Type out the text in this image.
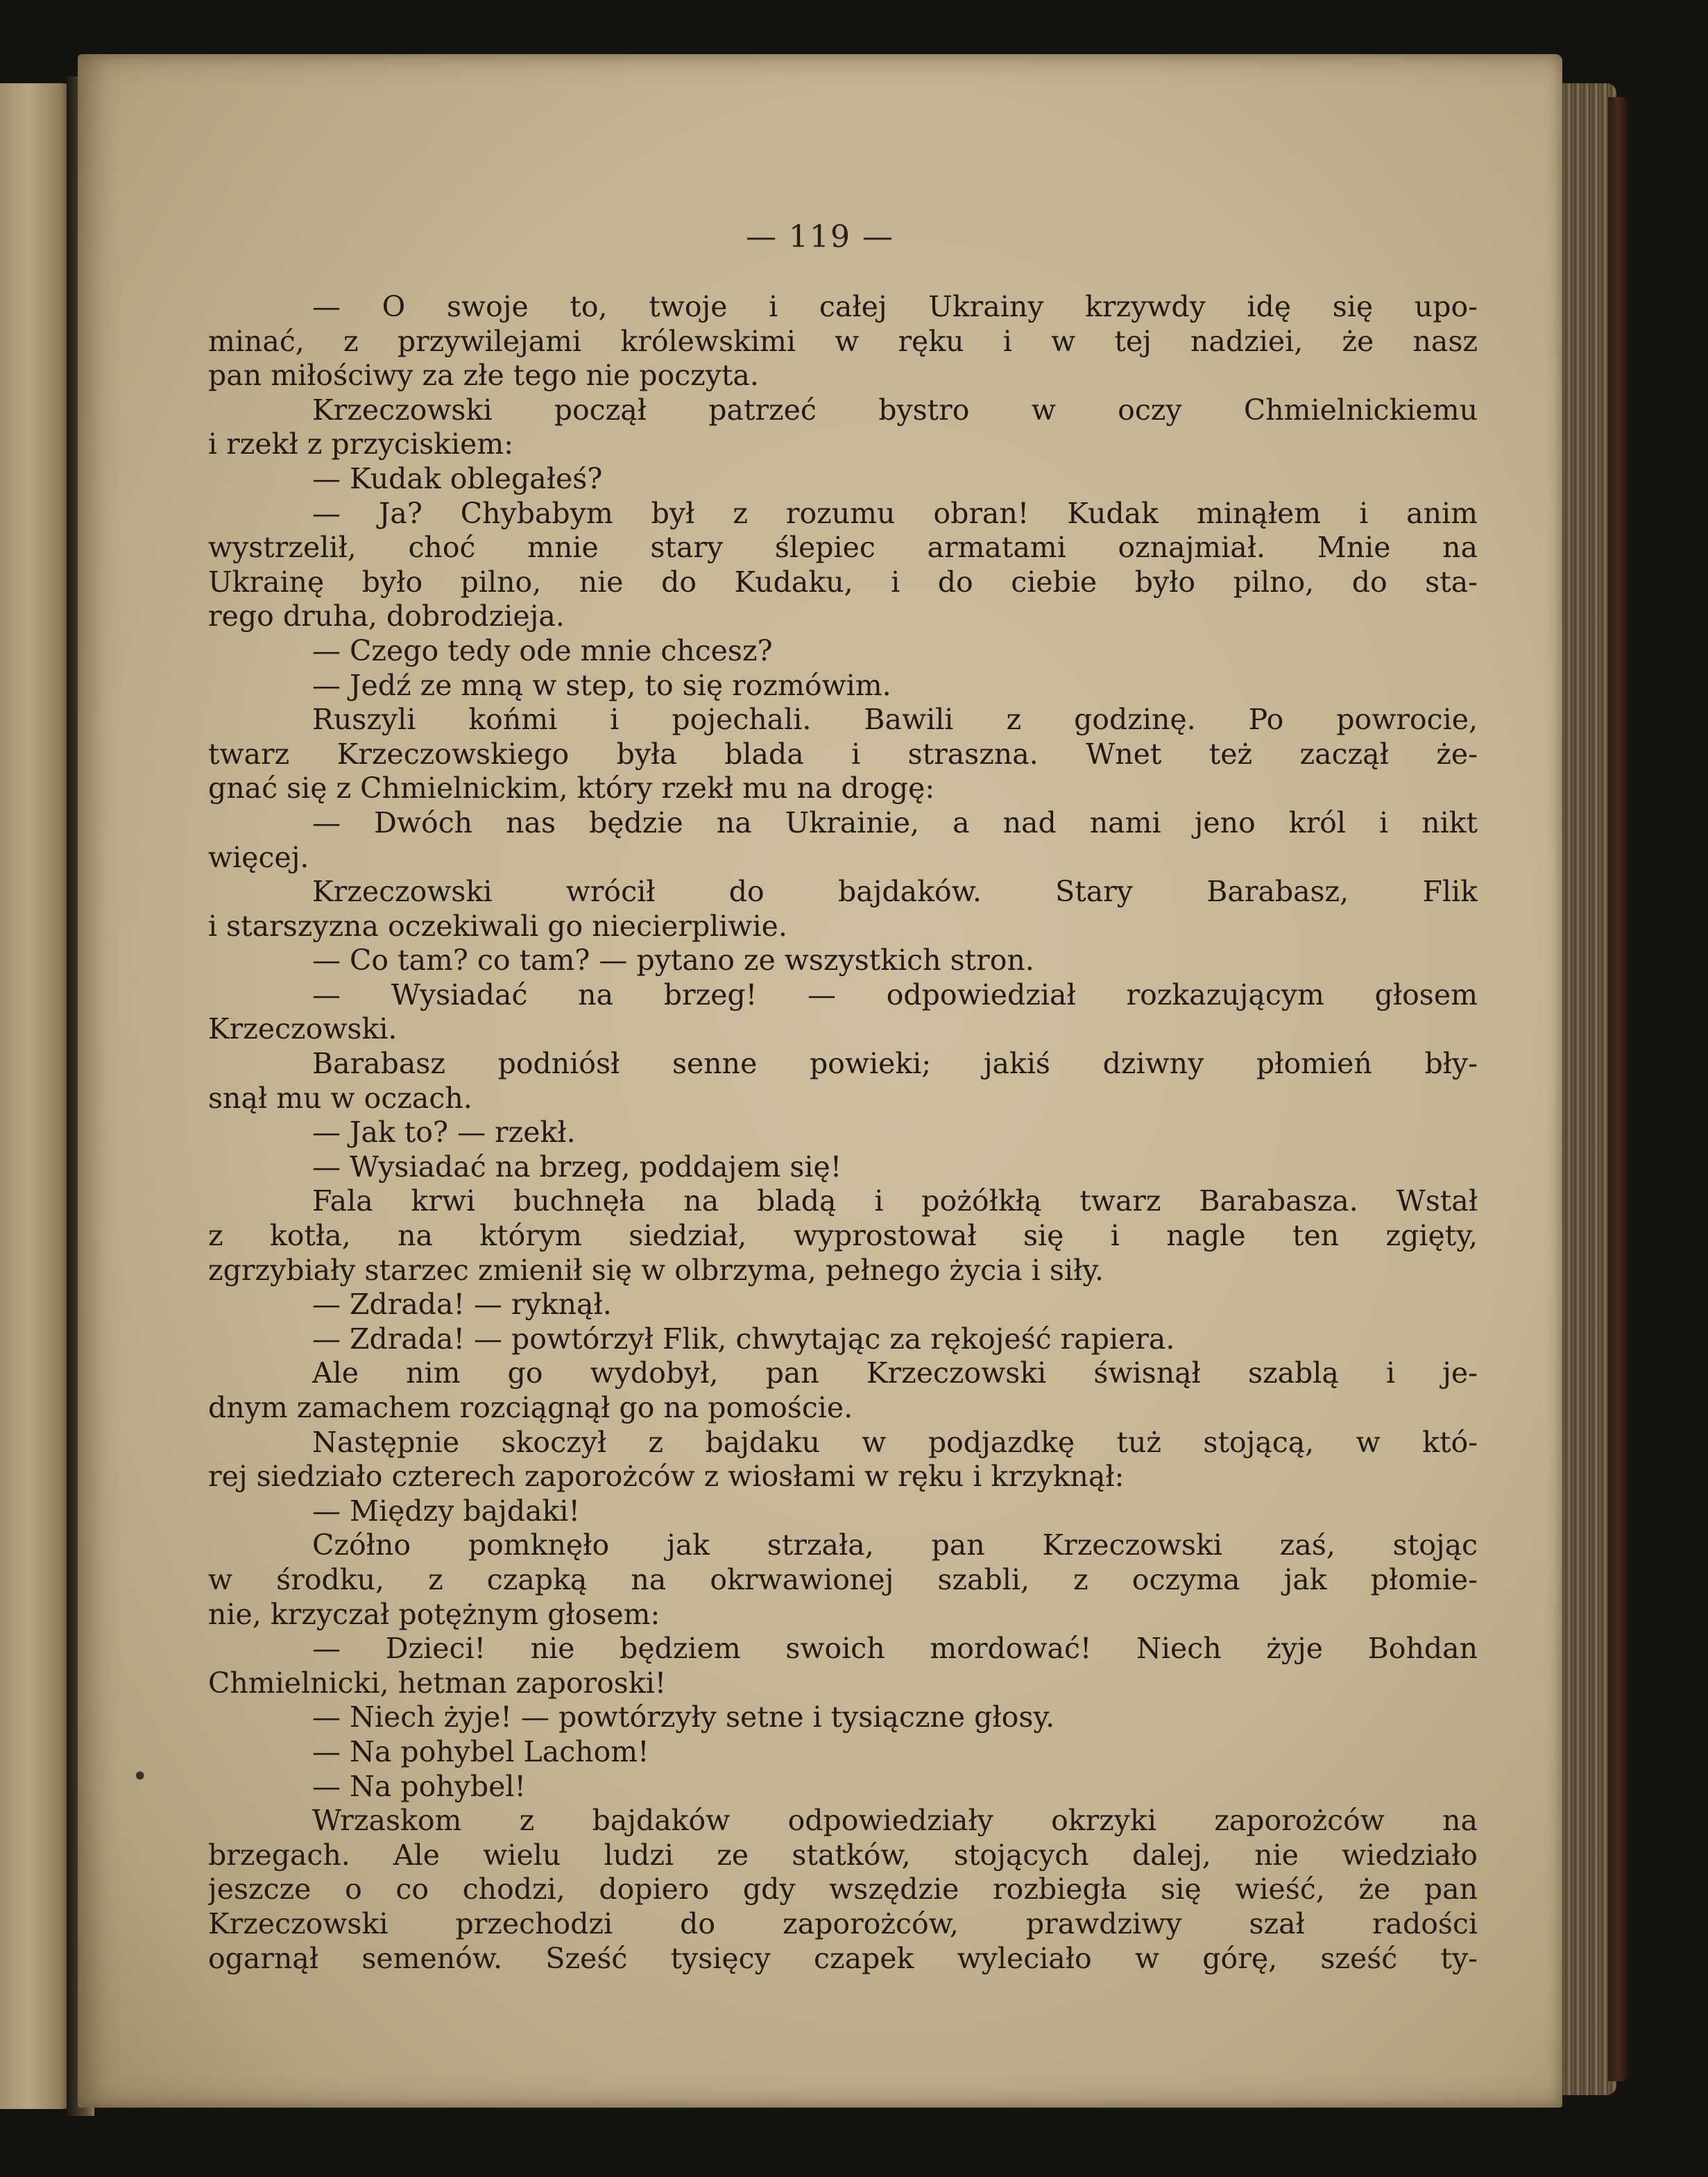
— 119 —
— O swoje to, twoje i całej Ukrainy krzywdy idę się upo-
minać, z przywilejami królewskimi w ręku i w tej nadziei, że nasz
pan miłościwy za złe tego nie poczyta.
Krzeczowski począł patrzeć bystro w oczy Chmielnickiemu
i rzekł z przyciskiem:
— Kudak oblegałeś?
— Ja? Chybabym był z rozumu obran! Kudak minąłem i anim
wystrzelił, choć mnie stary ślepiec armatami oznajmiał. Mnie na
Ukrainę było pilno, nie do Kudaku, i do ciebie było pilno, do sta-
rego druha, dobrodzieja.
— Czego tedy ode mnie chcesz?
— Jedź ze mną w step, to się rozmówim.
Ruszyli końmi i pojechali. Bawili z godzinę. Po powrocie,
twarz Krzeczowskiego była blada i straszna. Wnet też zaczął że-
gnać się z Chmielnickim, który rzekł mu na drogę:
— Dwóch nas będzie na Ukrainie, a nad nami jeno król i nikt
więcej.
Krzeczowski wrócił do bajdaków. Stary Barabasz, Flik
i starszyzna oczekiwali go niecierpliwie.
— Co tam? co tam? — pytano ze wszystkich stron.
— Wysiadać na brzeg! — odpowiedział rozkazującym głosem
Krzeczowski.
Barabasz podniósł senne powieki; jakiś dziwny płomień bły-
snął mu w oczach.
— Jak to? — rzekł.
— Wysiadać na brzeg, poddajem się!
Fala krwi buchnęła na bladą i pożółkłą twarz Barabasza. Wstał
z kotła, na którym siedział, wyprostował się i nagle ten zgięty,
zgrzybiały starzec zmienił się w olbrzyma, pełnego życia i siły.
— Zdrada! — ryknął.
— Zdrada! — powtórzył Flik, chwytając za rękojeść rapiera.
Ale nim go wydobył, pan Krzeczowski świsnął szablą i je-
dnym zamachem rozciągnął go na pomoście.
Następnie skoczył z bajdaku w podjazdkę tuż stojącą, w któ-
rej siedziało czterech zaporożców z wiosłami w ręku i krzyknął:
— Między bajdaki!
Czółno pomknęło jak strzała, pan Krzeczowski zaś, stojąc
w środku, z czapką na okrwawionej szabli, z oczyma jak płomie-
nie, krzyczał potężnym głosem:
— Dzieci! nie będziem swoich mordować! Niech żyje Bohdan
Chmielnicki, hetman zaporoski!
— Niech żyje! — powtórzyły setne i tysiączne głosy.
— Na pohybel Lachom!
— Na pohybel!
Wrzaskom z bajdaków odpowiedziały okrzyki zaporożców na
brzegach. Ale wielu ludzi ze statków, stojących dalej, nie wiedziało
jeszcze o co chodzi, dopiero gdy wszędzie rozbiegła się wieść, że pan
Krzeczowski przechodzi do zaporożców, prawdziwy szał radości
ogarnął semenów. Sześć tysięcy czapek wyleciało w górę, sześć ty-
•
